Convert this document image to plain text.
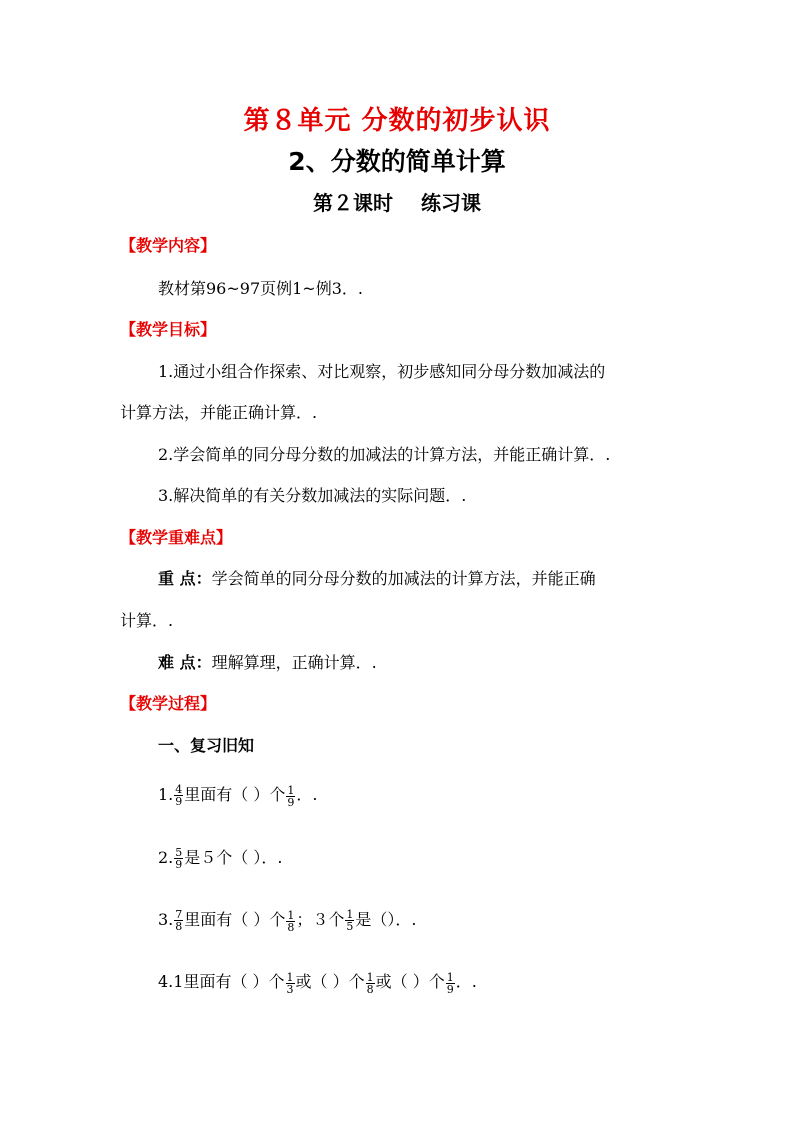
第８单元 分数的初步认识
2、分数的简单计算
第２课时 练习课
【教学内容】
教材第96~97页例1~例3．.
【教学目标】
1.通过小组合作探索、对比观察，初步感知同分母分数加减法的
计算方法，并能正确计算．.
2.学会简单的同分母分数的加减法的计算方法，并能正确计算．.
3.解决简单的有关分数加减法的实际问题．.
【教学重难点】
重 点：学会简单的同分母分数的加减法的计算方法，并能正确
计算．.
难 点：理解算理，正确计算．.
【教学过程】
一、复习旧知
1. $\frac{4}{9}$ 里面有（ ）个 $\frac{1}{9}$ ．.
2. $\frac{5}{9}$ 是５个（ ）．.
3. $\frac{7}{8}$ 里面有（ ）个 $\frac{1}{8}$ ；３个 $\frac{1}{5}$ 是（）．.
4.1里面有（ ）个 $\frac{1}{3}$ 或（ ）个 $\frac{1}{8}$ 或（ ）个 $\frac{1}{9}$ ．.
